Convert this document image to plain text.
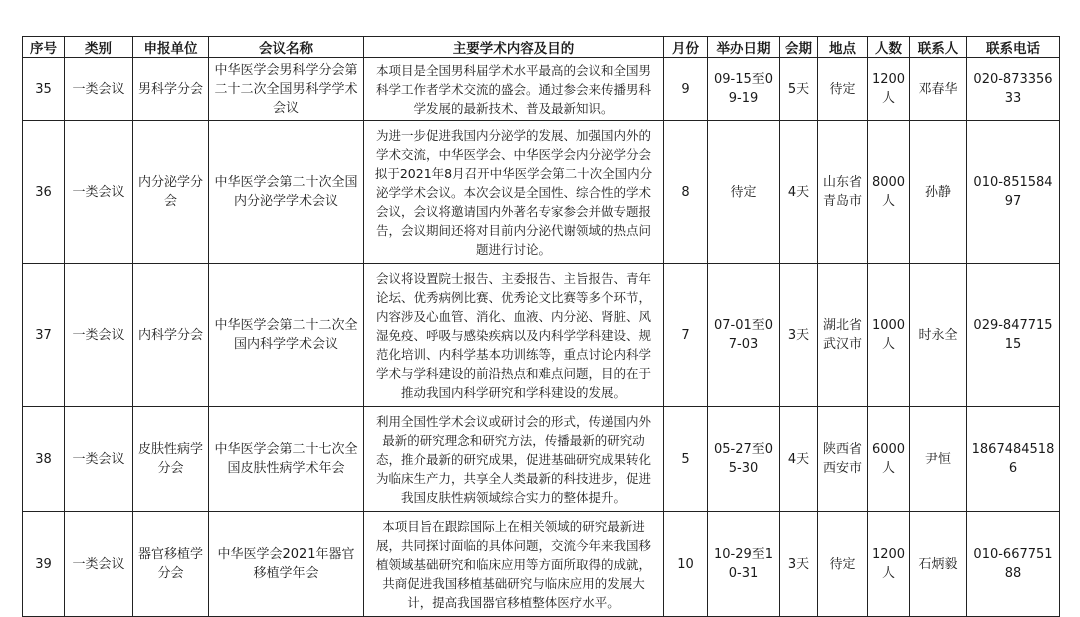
序号	类别	申报单位	会议名称	主要学术内容及目的	月份	举办日期	会期	地点	人数	联系人	联系电话
35	一类会议	男科学分会	中华医学会男科学分会第二十二次全国男科学学术会议	本项目是全国男科届学术水平最高的会议和全国男科学工作者学术交流的盛会。通过参会来传播男科学发展的最新技术、普及最新知识。	9	09-15至09-19	5天	待定	1200人	邓春华	020-87335633
36	一类会议	内分泌学分会	中华医学会第二十次全国内分泌学学术会议	为进一步促进我国内分泌学的发展、加强国内外的学术交流，中华医学会、中华医学会内分泌学分会拟于2021年8月召开中华医学会第二十次全国内分泌学学术会议。本次会议是全国性、综合性的学术会议，会议将邀请国内外著名专家参会并做专题报告，会议期间还将对目前内分泌代谢领域的热点问题进行讨论。	8	待定	4天	山东省青岛市	8000人	孙静	010-85158497
37	一类会议	内科学分会	中华医学会第二十二次全国内科学学术会议	会议将设置院士报告、主委报告、主旨报告、青年论坛、优秀病例比赛、优秀论文比赛等多个环节，内容涉及心血管、消化、血液、内分泌、肾脏、风湿免疫、呼吸与感染疾病以及内科学学科建设、规范化培训、内科学基本功训练等，重点讨论内科学学术与学科建设的前沿热点和难点问题，目的在于推动我国内科学研究和学科建设的发展。	7	07-01至07-03	3天	湖北省武汉市	1000人	时永全	029-84771515
38	一类会议	皮肤性病学分会	中华医学会第二十七次全国皮肤性病学术年会	利用全国性学术会议或研讨会的形式，传递国内外最新的研究理念和研究方法，传播最新的研究动态，推介最新的研究成果，促进基础研究成果转化为临床生产力，共享全人类最新的科技进步，促进我国皮肤性病领域综合实力的整体提升。	5	05-27至05-30	4天	陕西省西安市	6000人	尹恒	18674845186
39	一类会议	器官移植学分会	中华医学会2021年器官移植学年会	本项目旨在跟踪国际上在相关领域的研究最新进展，共同探讨面临的具体问题，交流今年来我国移植领域基础研究和临床应用等方面所取得的成就，共商促进我国移植基础研究与临床应用的发展大计，提高我国器官移植整体医疗水平。	10	10-29至10-31	3天	待定	1200人	石炳毅	010-66775188
